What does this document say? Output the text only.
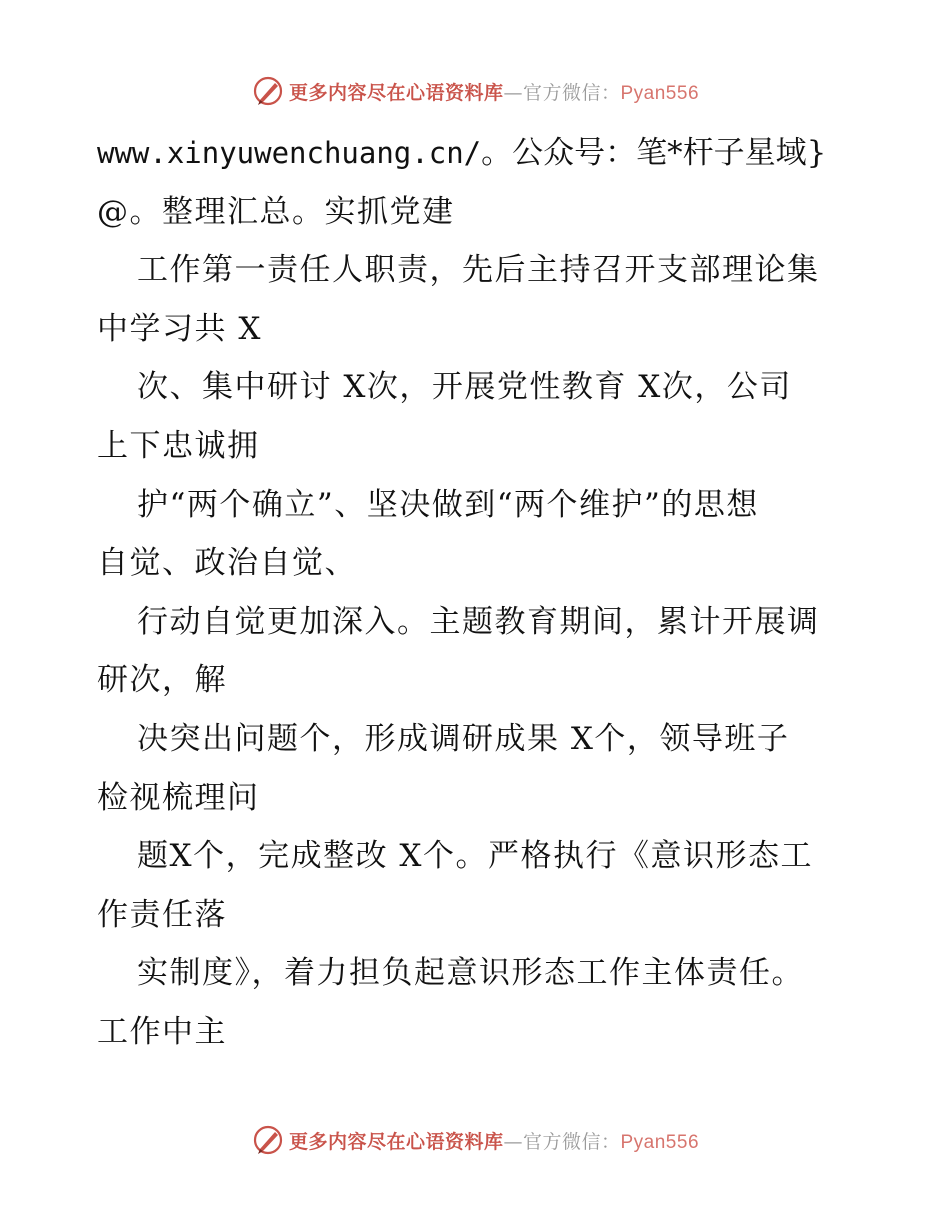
更多内容尽在心语资料库—官方微信：Pyan556
www.xinyuwenchuang.cn/。公众号：笔*杆子星域}
@。整理汇总。实抓党建
工作第一责任人职责，先后主持召开支部理论集
中学习共 X
次、集中研讨 X次，开展党性教育 X次，公司
上下忠诚拥
护“两个确立”、坚决做到“两个维护”的思想
自觉、政治自觉、
行动自觉更加深入。主题教育期间，累计开展调
研次，解
决突出问题个，形成调研成果 X个，领导班子
检视梳理问
题X个，完成整改 X个。严格执行《意识形态工
作责任落
实制度》，着力担负起意识形态工作主体责任。
工作中主
更多内容尽在心语资料库—官方微信：Pyan556
